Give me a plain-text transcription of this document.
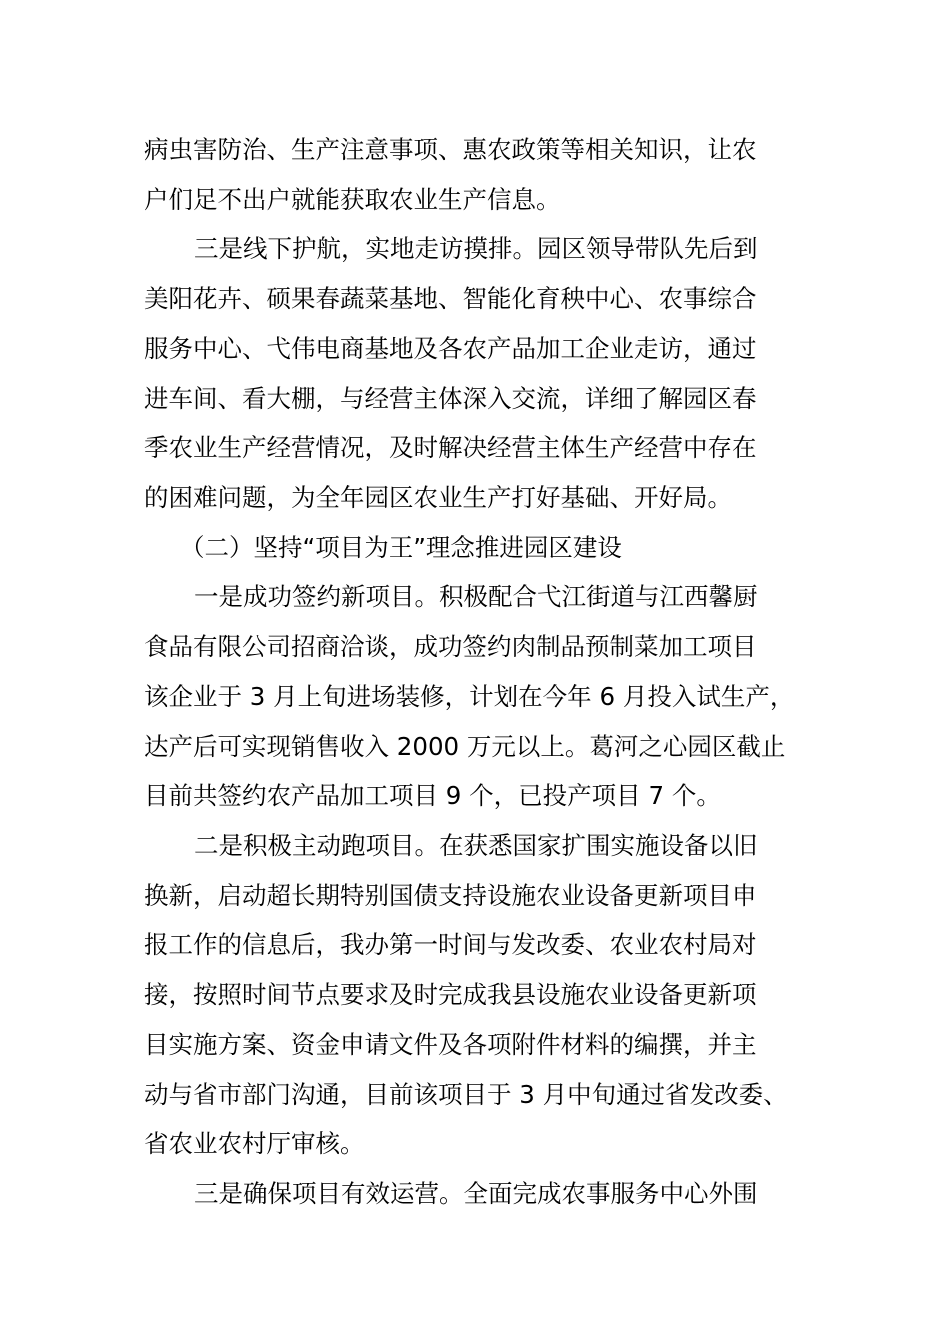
病虫害防治、生产注意事项、惠农政策等相关知识，让农
户们足不出户就能获取农业生产信息。
三是线下护航，实地走访摸排。园区领导带队先后到
美阳花卉、硕果春蔬菜基地、智能化育秧中心、农事综合
服务中心、弋伟电商基地及各农产品加工企业走访，通过
进车间、看大棚，与经营主体深入交流，详细了解园区春
季农业生产经营情况，及时解决经营主体生产经营中存在
的困难问题，为全年园区农业生产打好基础、开好局。
（二）坚持“项目为王”理念推进园区建设
一是成功签约新项目。积极配合弋江街道与江西馨厨
食品有限公司招商洽谈，成功签约肉制品预制菜加工项目
该企业于 3 月上旬进场装修，计划在今年 6 月投入试生产，
达产后可实现销售收入 2000 万元以上。葛河之心园区截止
目前共签约农产品加工项目 9 个，已投产项目 7 个。
二是积极主动跑项目。在获悉国家扩围实施设备以旧
换新，启动超长期特别国债支持设施农业设备更新项目申
报工作的信息后，我办第一时间与发改委、农业农村局对
接，按照时间节点要求及时完成我县设施农业设备更新项
目实施方案、资金申请文件及各项附件材料的编撰，并主
动与省市部门沟通，目前该项目于 3 月中旬通过省发改委、
省农业农村厅审核。
三是确保项目有效运营。全面完成农事服务中心外围
